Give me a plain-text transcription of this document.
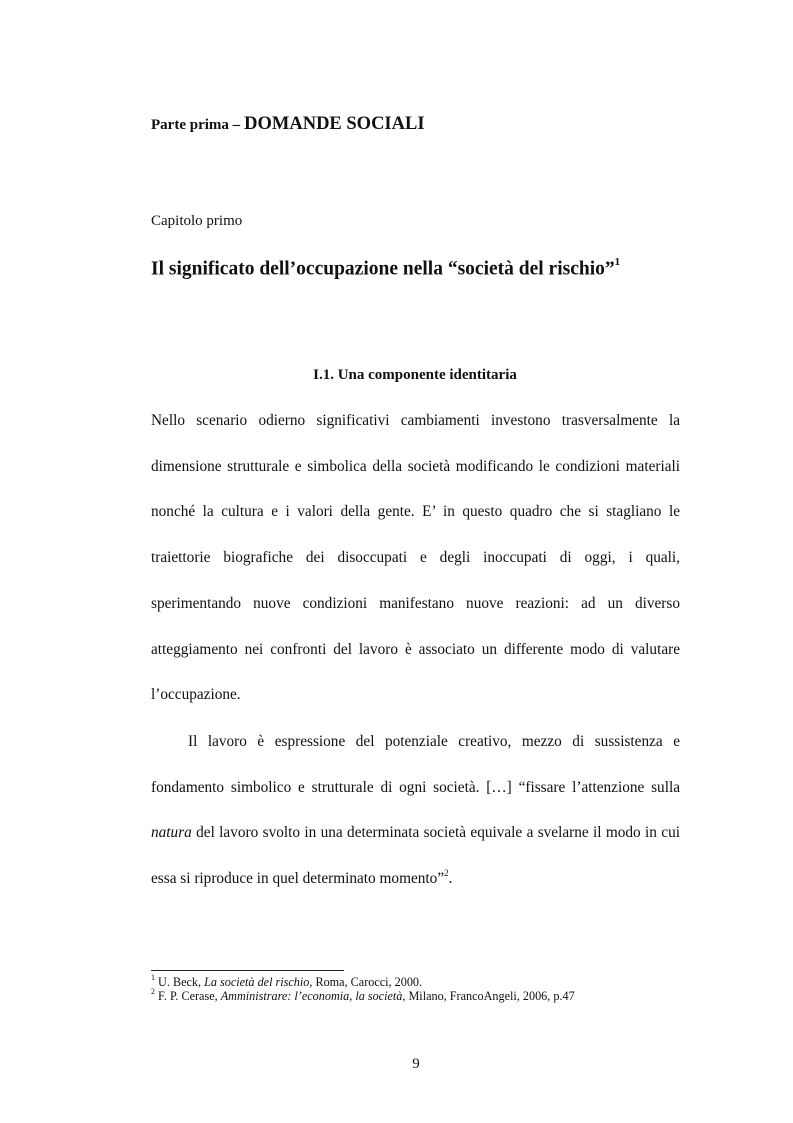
Parte prima – DOMANDE SOCIALI
Capitolo primo
Il significato dell’occupazione nella “società del rischio”$^1$
I.1. Una componente identitaria

Nello scenario odierno significativi cambiamenti investono trasversalmente la dimensione strutturale e simbolica della società modificando le condizioni materiali nonché la cultura e i valori della gente. E’ in questo quadro che si stagliano le traiettorie biografiche dei disoccupati e degli inoccupati di oggi, i quali, sperimentando nuove condizioni manifestano nuove reazioni: ad un diverso atteggiamento nei confronti del lavoro è associato un differente modo di valutare l’occupazione.

Il lavoro è espressione del potenziale creativo, mezzo di sussistenza e fondamento simbolico e strutturale di ogni società. […] “fissare l’attenzione sulla natura del lavoro svolto in una determinata società equivale a svelarne il modo in cui essa si riproduce in quel determinato momento”$^2$.

$^1$ U. Beck, La società del rischio, Roma, Carocci, 2000.
$^2$ F. P. Cerase, Amministrare: l’economia, la società, Milano, FrancoAngeli, 2006, p.47
9
